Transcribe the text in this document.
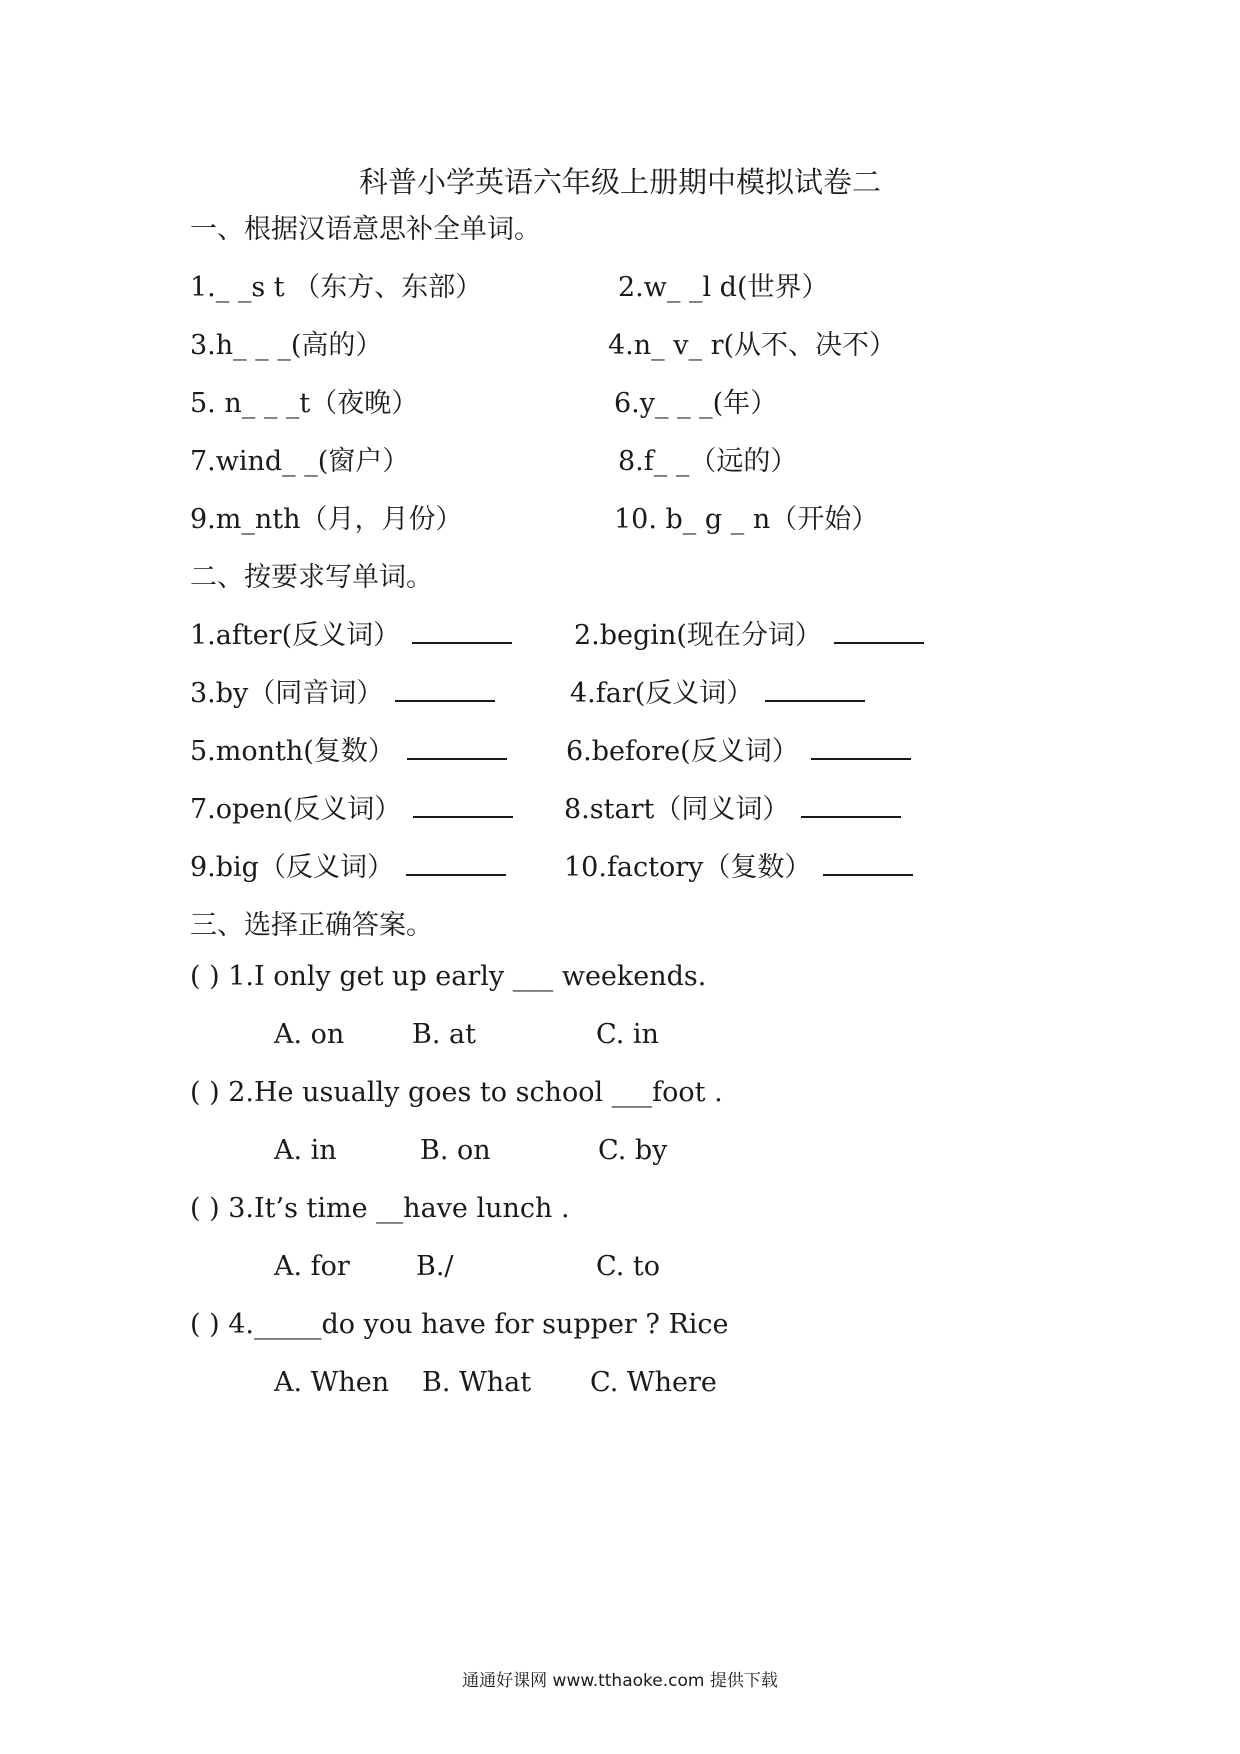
科普小学英语六年级上册期中模拟试卷二
一、根据汉语意思补全单词。
1._ _s t （东方、东部）	2.w_ _l d(世界）
3.h_ _ _(高的）	4.n_ v_ r(从不、决不）
5. n_ _ _t（夜晚）	6.y_ _ _(年）
7.wind_ _(窗户）	8.f_ _（远的）
9.m_nth（月，月份）	10. b_ g _ n（开始）
二、按要求写单词。
1.after(反义词）	2.begin(现在分词）
3.by（同音词）	4.far(反义词）
5.month(复数）	6.before(反义词）
7.open(反义词）	8.start（同义词）
9.big（反义词）	10.factory（复数）
三、选择正确答案。
( ) 1.I only get up early ___ weekends.
A. on	B. at	C. in
( ) 2.He usually goes to school ___foot .
A. in	B. on	C. by
( ) 3.It’s time __have lunch .
A. for B./	C. to
( ) 4._____do you have for supper ? Rice
A. When B. What C. Where
通通好课网 www.tthaoke.com 提供下载
